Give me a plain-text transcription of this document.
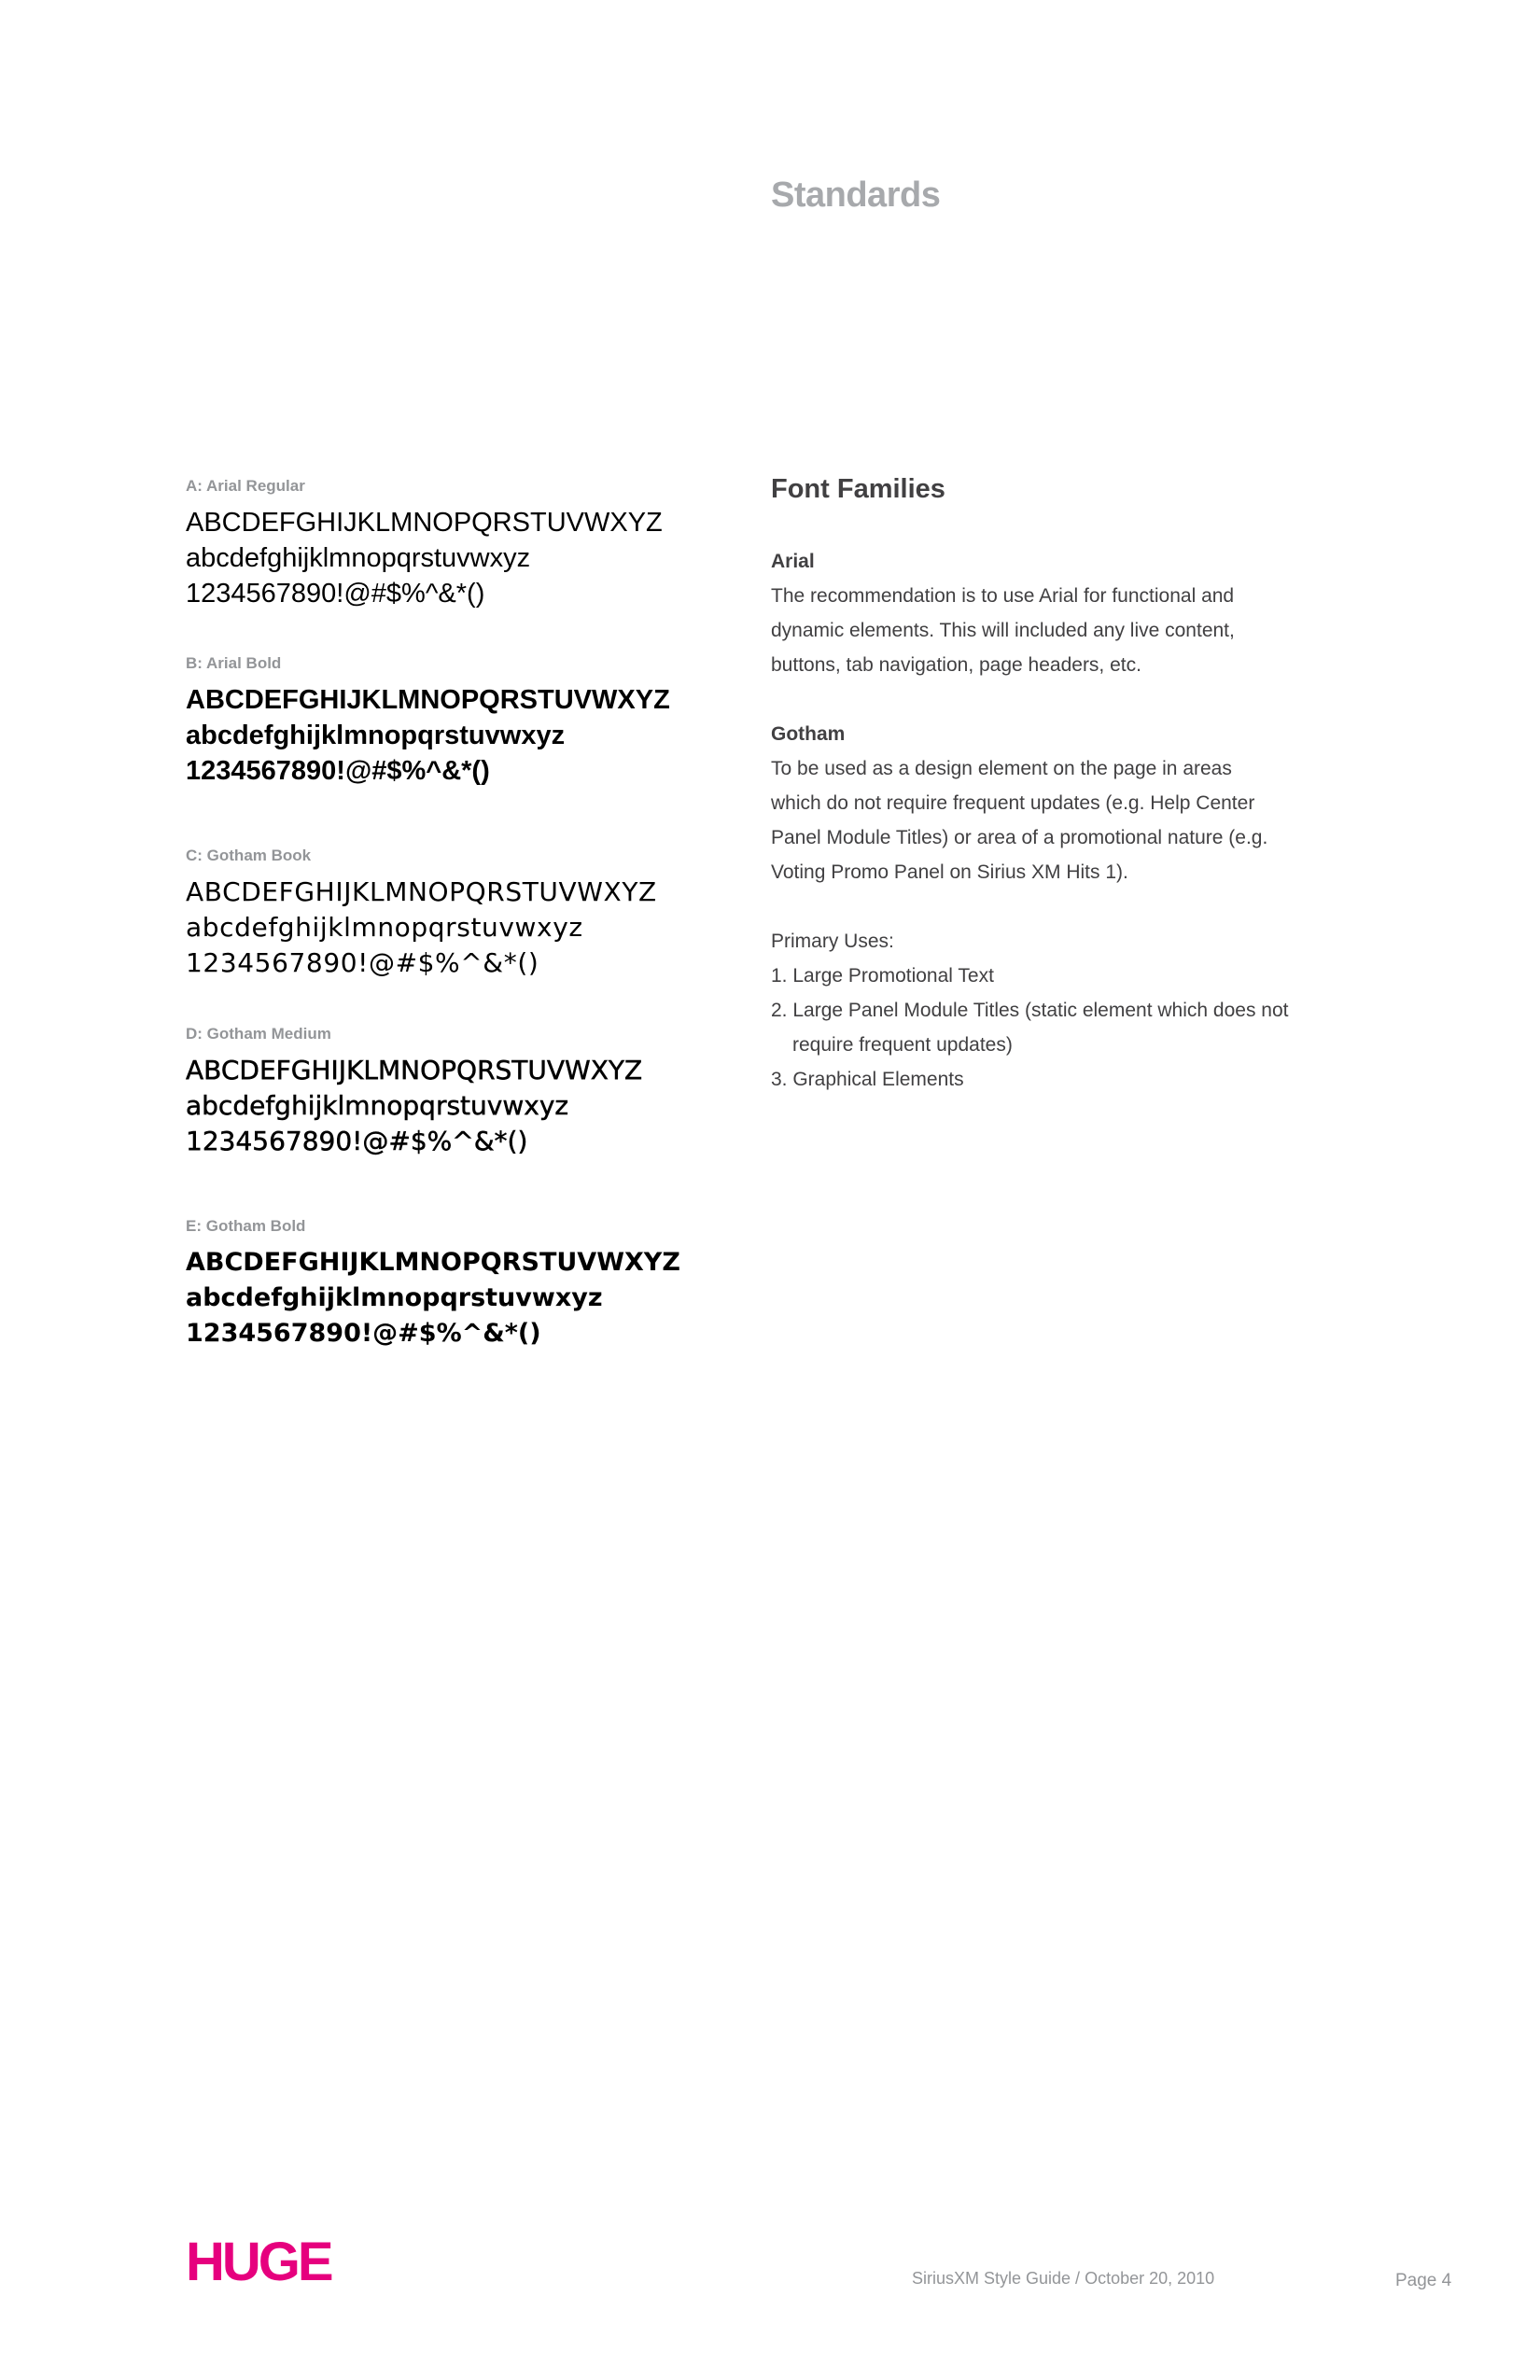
Standards
A: Arial Regular
ABCDEFGHIJKLMNOPQRSTUVWXYZ
abcdefghijklmnopqrstuvwxyz
1234567890!@#$%^&*()
B: Arial Bold
ABCDEFGHIJKLMNOPQRSTUVWXYZ
abcdefghijklmnopqrstuvwxyz
1234567890!@#$%^&*()
C: Gotham Book
ABCDEFGHIJKLMNOPQRSTUVWXYZ
abcdefghijklmnopqrstuvwxyz
1234567890!@#$%^&*()
D: Gotham Medium
ABCDEFGHIJKLMNOPQRSTUVWXYZ
abcdefghijklmnopqrstuvwxyz
1234567890!@#$%^&*()
E: Gotham Bold
ABCDEFGHIJKLMNOPQRSTUVWXYZ
abcdefghijklmnopqrstuvwxyz
1234567890!@#$%^&*()
Font Families
Arial
The recommendation is to use Arial for functional and
dynamic elements. This will included any live content,
buttons, tab navigation, page headers, etc.
Gotham
To be used as a design element on the page in areas
which do not require frequent updates (e.g. Help Center
Panel Module Titles) or area of a promotional nature (e.g.
Voting Promo Panel on Sirius XM Hits 1).
Primary Uses:
1. Large Promotional Text
2. Large Panel Module Titles (static element which does not require frequent updates)
3. Graphical Elements
HUGE	SiriusXM Style Guide / October 20, 2010	Page 4
